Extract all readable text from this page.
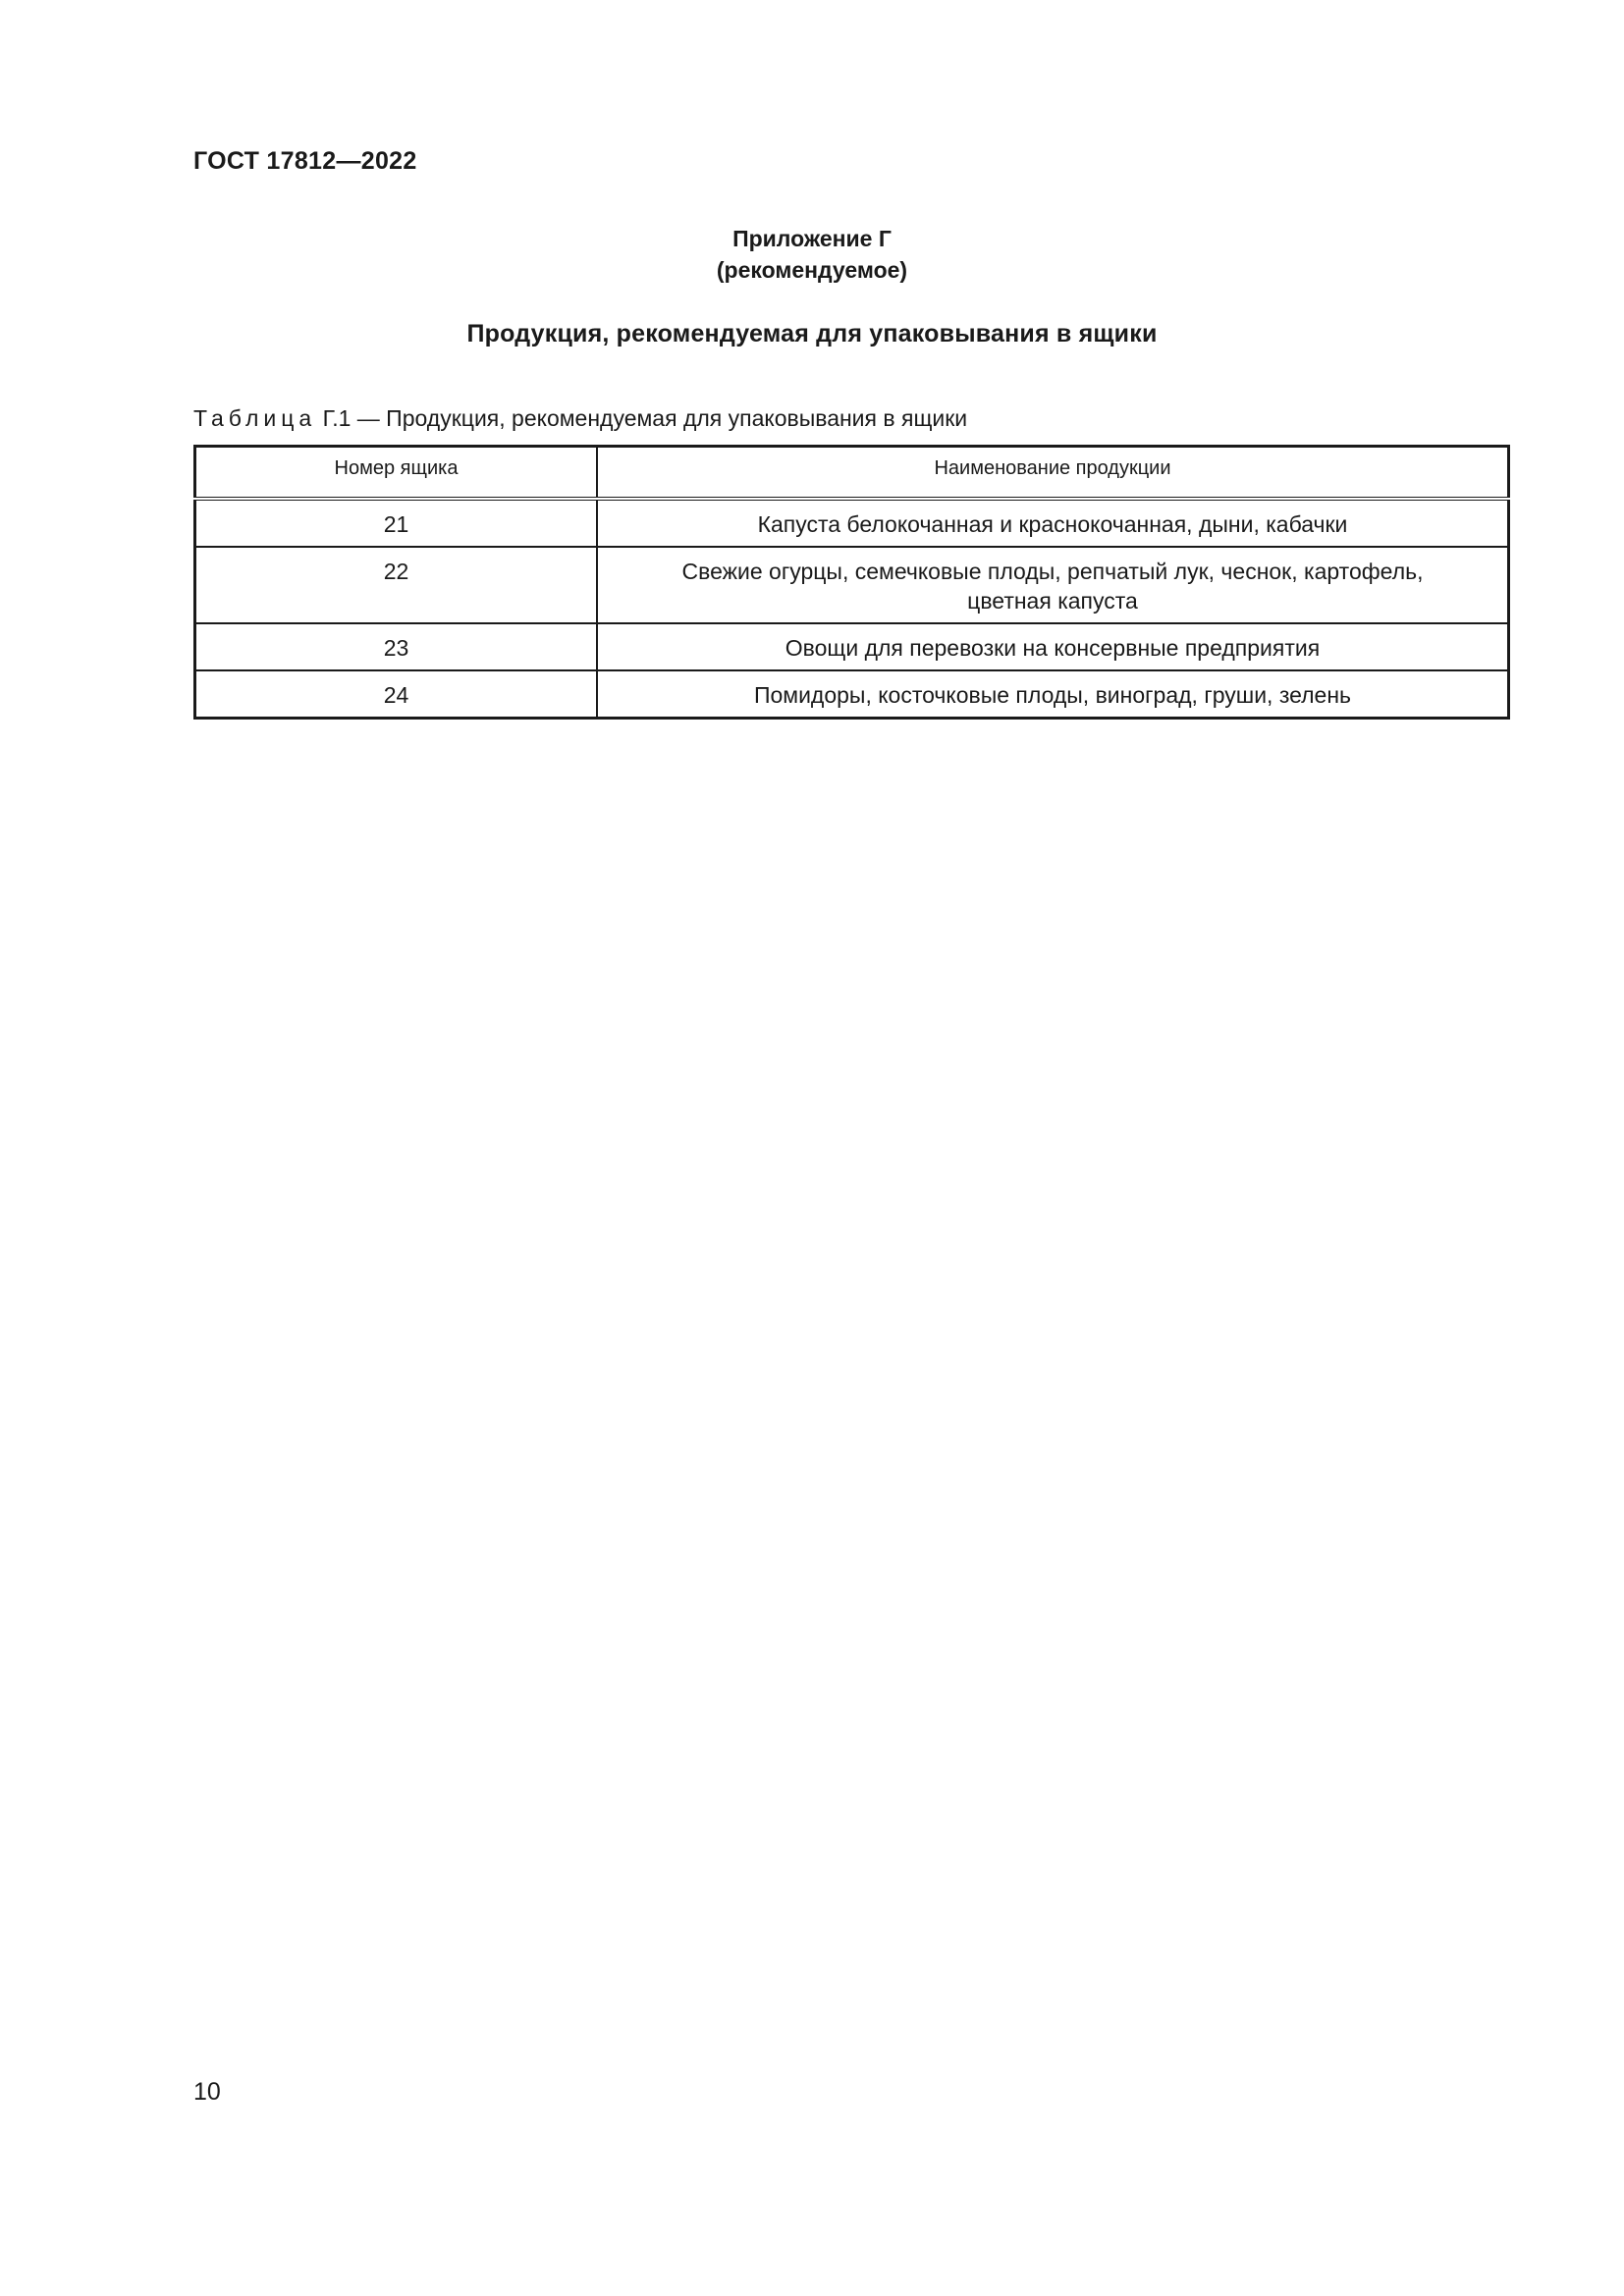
ГОСТ 17812—2022
Приложение Г
(рекомендуемое)
Продукция, рекомендуемая для упаковывания в ящики
Таблица Г.1 — Продукция, рекомендуемая для упаковывания в ящики
Номер ящика	Наименование продукции
21	Капуста белокочанная и краснокочанная, дыни, кабачки
22	Свежие огурцы, семечковые плоды, репчатый лук, чеснок, картофель,
цветная капуста

23	Овощи для перевозки на консервные предприятия
24	Помидоры, косточковые плоды, виноград, груши, зелень
10
